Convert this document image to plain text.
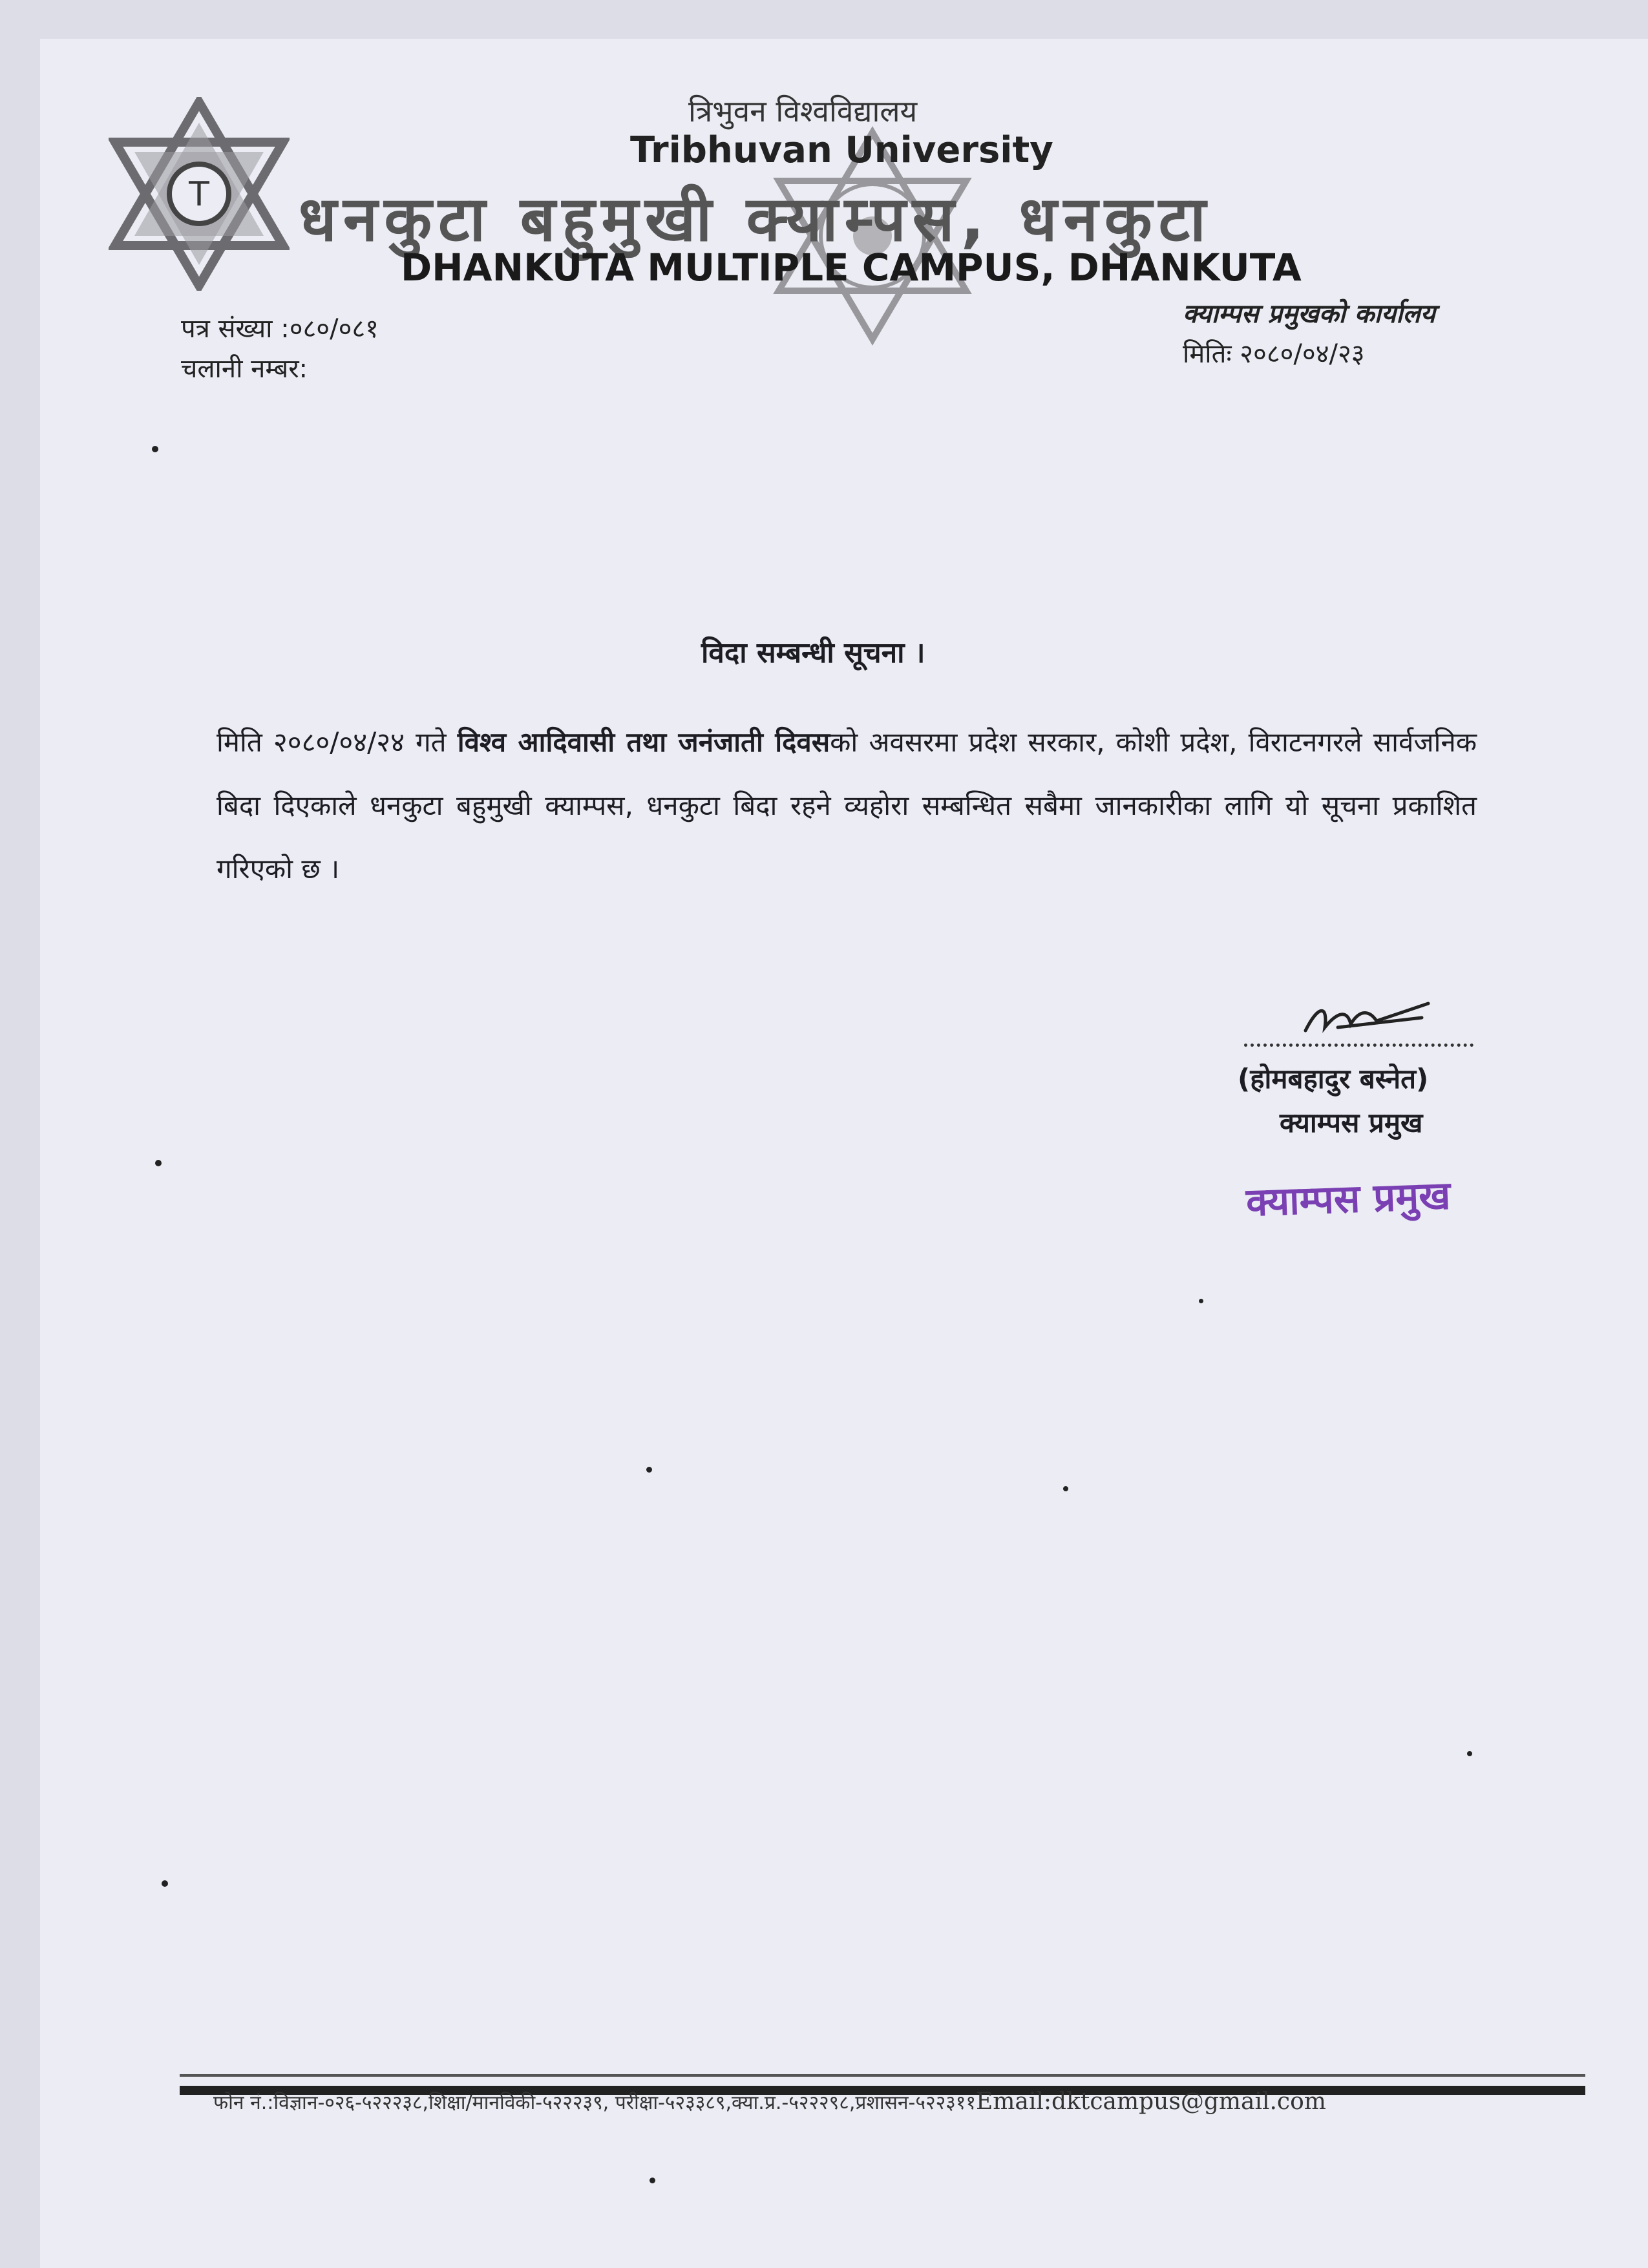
T
त्रिभुवन विश्वविद्यालय
Tribhuvan University
धनकुटा बहुमुखी क्याम्पस, धनकुटा
DHANKUTA MULTIPLE CAMPUS, DHANKUTA
पत्र संख्या :०८०/०८१
चलानी नम्बर:
क्याम्पस प्रमुखको कार्यालय
मितिः २०८०/०४/२३
विदा सम्बन्धी सूचना ।
मिति २०८०/०४/२४ गते विश्व आदिवासी तथा जनंजाती दिवसको अवसरमा प्रदेश सरकार, कोशी प्रदेश, विराटनगरले सार्वजनिक बिदा दिएकाले धनकुटा बहुमुखी क्याम्पस, धनकुटा बिदा रहने व्यहोरा सम्बन्धित सबैमा जानकारीका लागि यो सूचना प्रकाशित गरिएको छ ।
(होमबहादुर बस्नेत)
क्याम्पस प्रमुख
क्याम्पस प्रमुख
फोन नं.:विज्ञान-०२६-५२२२३८,शिक्षा/मानविकी-५२२२३९, परीक्षा-५२३३८९,क्या.प्र.-५२२२९८,प्रशासन-५२२३११Email:dktcampus@gmail.com
